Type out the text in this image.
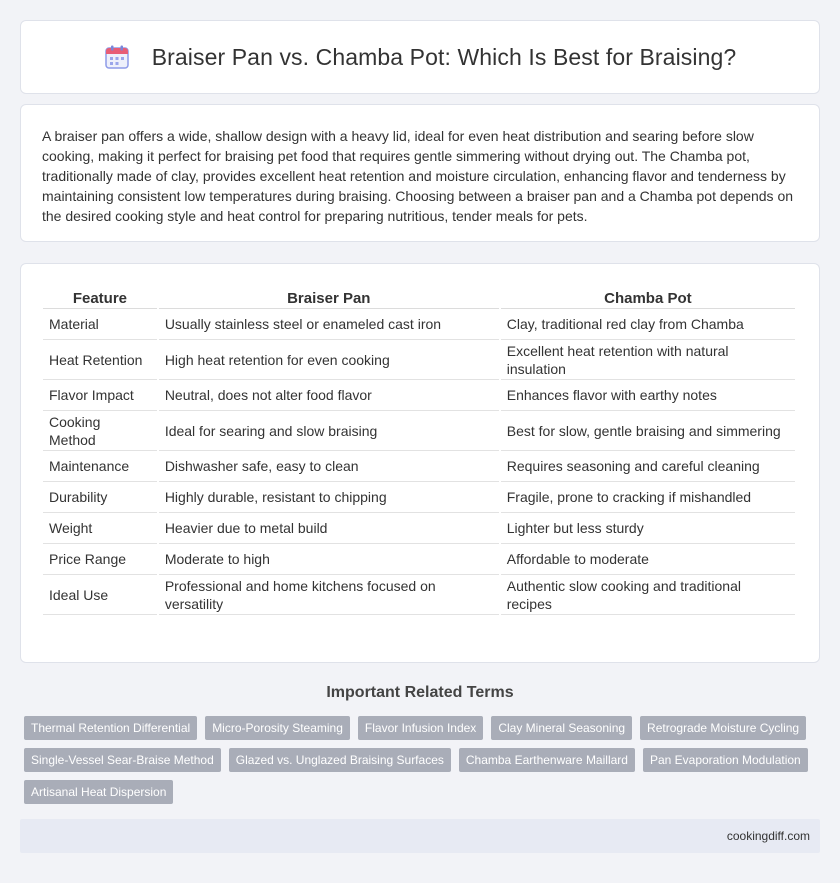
Braiser Pan vs. Chamba Pot: Which Is Best for Braising?

A braiser pan offers a wide, shallow design with a heavy lid, ideal for even heat distribution and searing before slow cooking, making it perfect for braising pet food that requires gentle simmering without drying out. The Chamba pot, traditionally made of clay, provides excellent heat retention and moisture circulation, enhancing flavor and tenderness by maintaining consistent low temperatures during braising. Choosing between a braiser pan and a Chamba pot depends on the desired cooking style and heat control for preparing nutritious, tender meals for pets.

Feature	Braiser Pan	Chamba Pot
Material	Usually stainless steel or enameled cast iron	Clay, traditional red clay from Chamba
Heat Retention	High heat retention for even cooking	Excellent heat retention with natural insulation
Flavor Impact	Neutral, does not alter food flavor	Enhances flavor with earthy notes
Cooking Method	Ideal for searing and slow braising	Best for slow, gentle braising and simmering
Maintenance	Dishwasher safe, easy to clean	Requires seasoning and careful cleaning
Durability	Highly durable, resistant to chipping	Fragile, prone to cracking if mishandled
Weight	Heavier due to metal build	Lighter but less sturdy
Price Range	Moderate to high	Affordable to moderate
Ideal Use	Professional and home kitchens focused on versatility	Authentic slow cooking and traditional recipes
Important Related Terms
Thermal Retention Differential	Micro-Porosity Steaming	Flavor Infusion Index	Clay Mineral Seasoning	Retrograde Moisture Cycling
Single-Vessel Sear-Braise Method	Glazed vs. Unglazed Braising Surfaces	Chamba Earthenware Maillard	Pan Evaporation Modulation
Artisanal Heat Dispersion
cookingdiff.com
